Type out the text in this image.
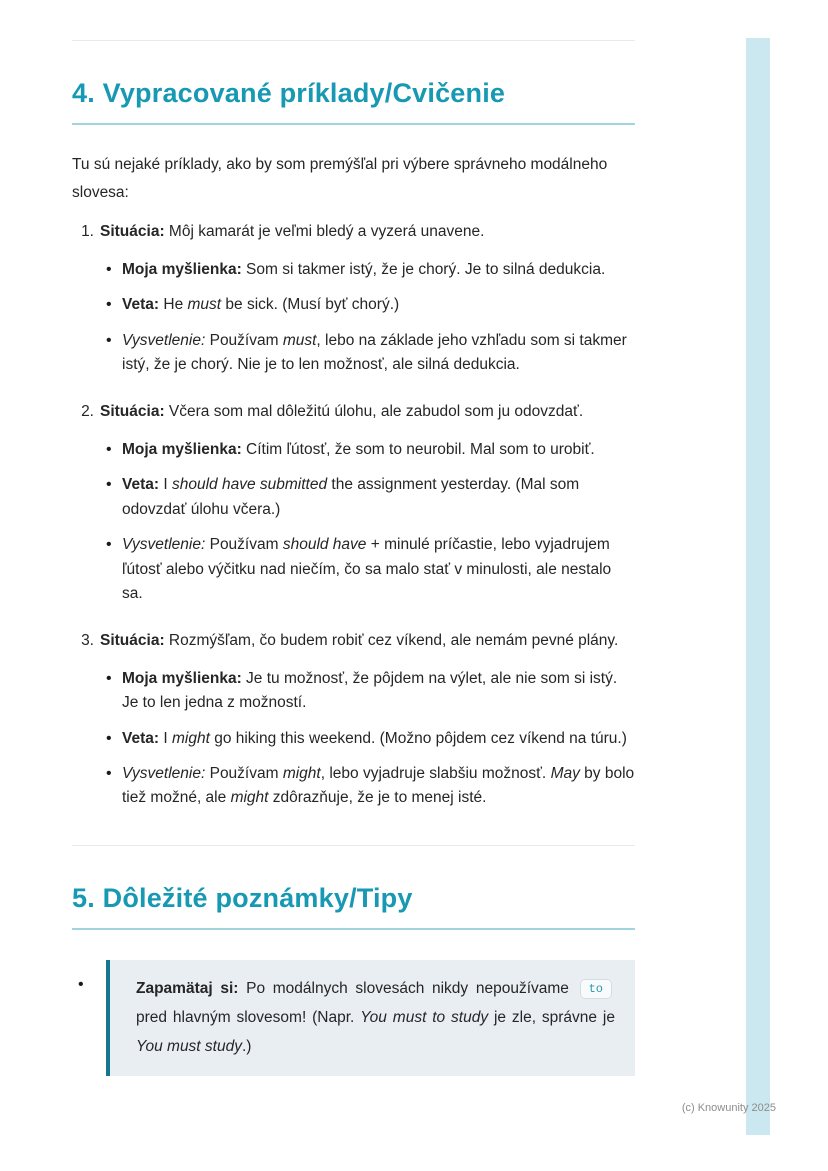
4. Vypracované príklady/Cvičenie

Tu sú nejaké príklady, ako by som premýšľal pri výbere správneho modálneho slovesa:

1. Situácia: Môj kamarát je veľmi bledý a vyzerá unavene.
• Moja myšlienka: Som si takmer istý, že je chorý. Je to silná dedukcia.
• Veta: He must be sick. (Musí byť chorý.)
• Vysvetlenie: Používam must, lebo na základe jeho vzhľadu som si takmer istý, že je chorý. Nie je to len možnosť, ale silná dedukcia.
2. Situácia: Včera som mal dôležitú úlohu, ale zabudol som ju odovzdať.
• Moja myšlienka: Cítim ľútosť, že som to neurobil. Mal som to urobiť.
• Veta: I should have submitted the assignment yesterday. (Mal som odovzdať úlohu včera.)
• Vysvetlenie: Používam should have + minulé príčastie, lebo vyjadrujem ľútosť alebo výčitku nad niečím, čo sa malo stať v minulosti, ale nestalo sa.
3. Situácia: Rozmýšľam, čo budem robiť cez víkend, ale nemám pevné plány.
• Moja myšlienka: Je tu možnosť, že pôjdem na výlet, ale nie som si istý. Je to len jedna z možností.
• Veta: I might go hiking this weekend. (Možno pôjdem cez víkend na túru.)
• Vysvetlenie: Používam might, lebo vyjadruje slabšiu možnosť. May by bolo tiež možné, ale might zdôrazňuje, že je to menej isté.
5. Dôležité poznámky/Tipy

• Zapamätaj si: Po modálnych slovesách nikdy nepoužívame to pred hlavným slovesom! (Napr. You must to study je zle, správne je You must study.)

(c) Knowunity 2025
